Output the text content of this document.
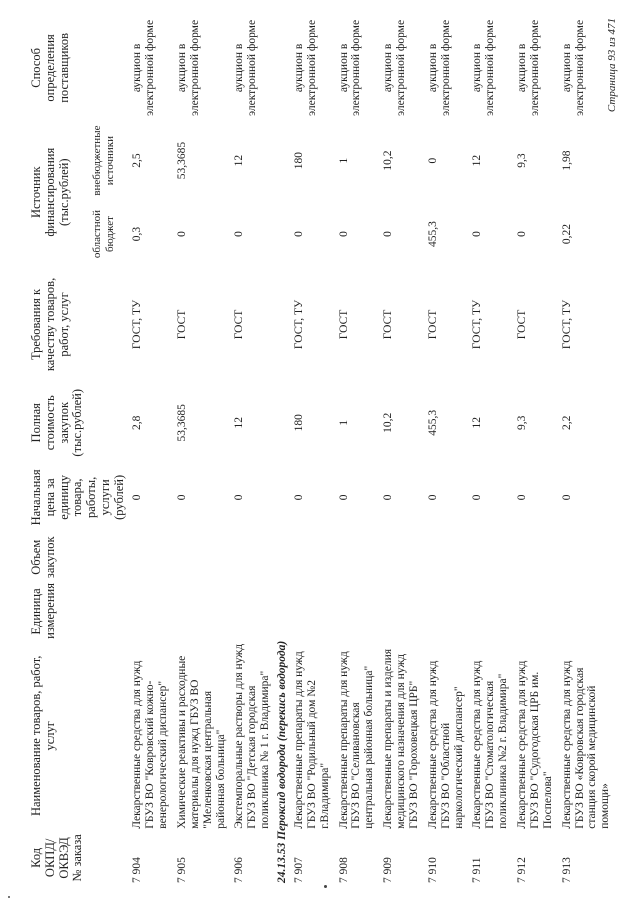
Код ОКПД/ ОКВЭД № заказа	Наименование товаров, работ, услуг	Единица измерения	Объем закупок	Начальная цена за единицу товара, работы, услуги (рублей)	Полная стоимость закупок (тыс.рублей)	Требования к качеству товаров, работ, услуг	Источник финансирования (тыс.рублей)		Способ определения поставщиков
							областной бюджет	внебюджетные источники	
7 904	Лекарственные средства для нужд ГБУЗ ВО "Ковровский кожно-венерологический диспансер"			0	2,8	ГОСТ, ТУ	0,3	2,5	аукцион в электронной форме
7 905	Химические реактивы и расходные материалы для нужд ГБУЗ ВО "Меленковская центральная районная больница"			0	53,3685	ГОСТ	0	53,3685	аукцион в электронной форме
7 906	Экстемпоральные растворы для нужд ГБУЗ ВО "Детская городская поликлиника № 1 г. Владимира"			0	12	ГОСТ	0	12	аукцион в электронной форме
24.13.53 Пероксид водорода (перекись водорода)									
7 907	Лекарственные препараты для нужд ГБУЗ ВО "Родильный дом №2 г.Владимира"			0	180	ГОСТ, ТУ	0	180	аукцион в электронной форме
7 908	Лекарственные препараты для нужд ГБУЗ ВО "Селивановская центральная районная больница"			0	1	ГОСТ	0	1	аукцион в электронной форме
7 909	Лекарственные препараты и изделия медицинского назначения для нужд ГБУЗ ВО "Гороховецкая ЦРБ"			0	10,2	ГОСТ	0	10,2	аукцион в электронной форме
7 910	Лекарственные средства для нужд ГБУЗ ВО "Областной наркологический диспансер"			0	455,3	ГОСТ	455,3	0	аукцион в электронной форме
7 911	Лекарственные средства для нужд ГБУЗ ВО "Стоматологическая поликлиника №2 г. Владимира"			0	12	ГОСТ, ТУ	0	12	аукцион в электронной форме
7 912	Лекарственные средства для нужд ГБУЗ ВО "Судогодская ЦРБ им. Поспелова"			0	9,3	ГОСТ	0	9,3	аукцион в электронной форме
7 913	Лекарственные средства для нужд ГБУЗ ВО «Ковровская городская станция скорой медицинской помощи»			0	2,2	ГОСТ, ТУ	0,22	1,98	аукцион в электронной форме Страница 93 из 471
